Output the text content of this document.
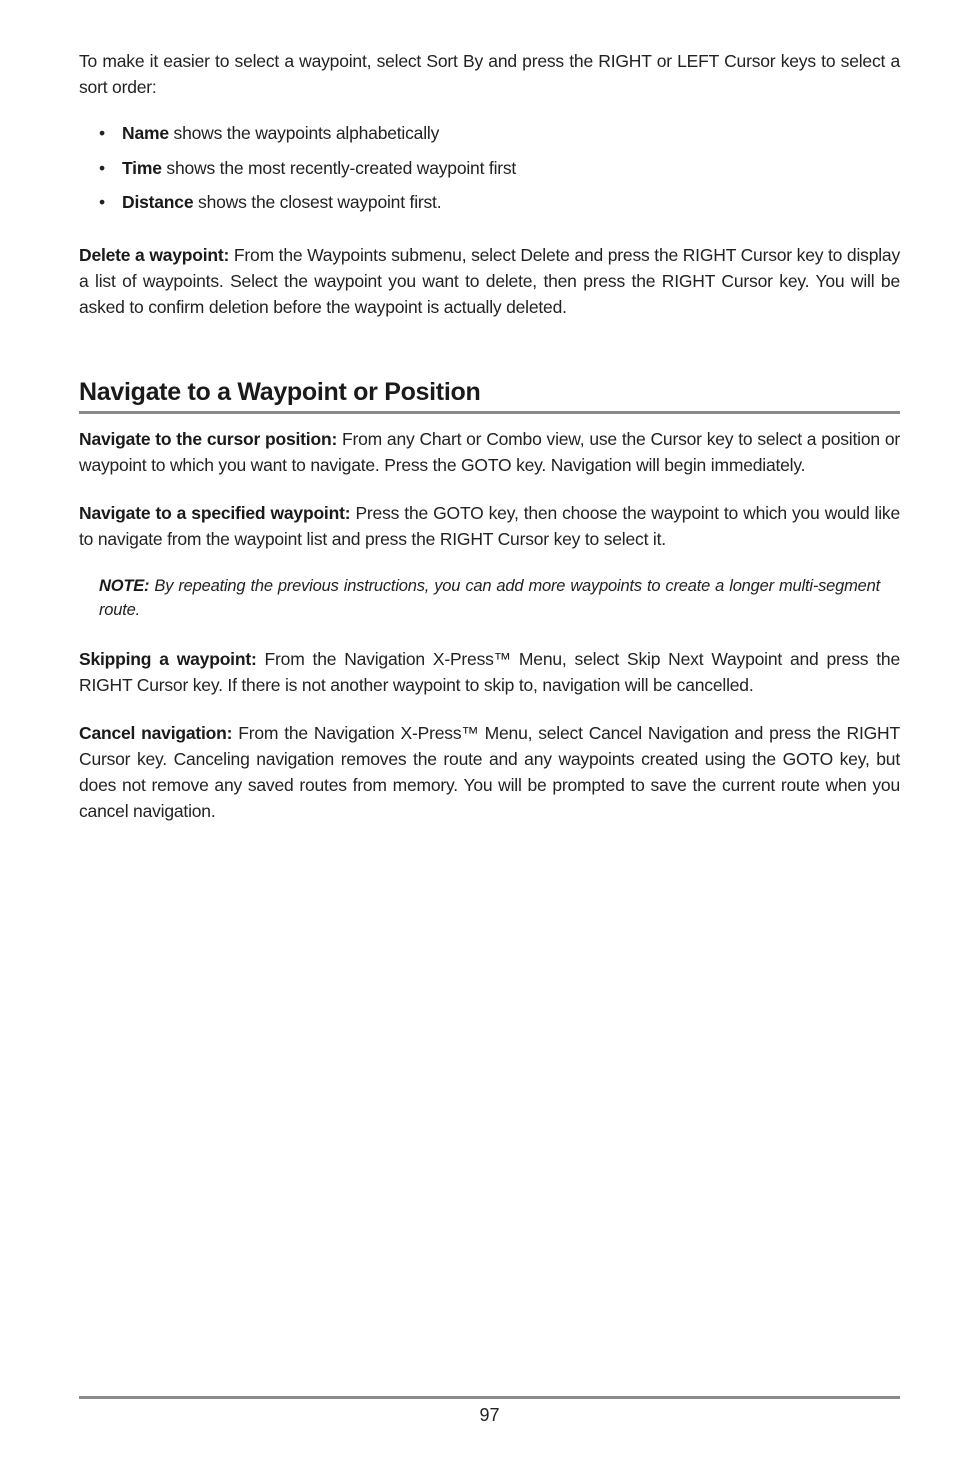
To make it easier to select a waypoint, select Sort By and press the RIGHT or LEFT Cursor keys to select a sort order:

• Name shows the waypoints alphabetically
• Time shows the most recently-created waypoint first
• Distance shows the closest waypoint first.

Delete a waypoint: From the Waypoints submenu, select Delete and press the RIGHT Cursor key to display a list of waypoints. Select the waypoint you want to delete, then press the RIGHT Cursor key. You will be asked to confirm deletion before the waypoint is actually deleted.

Navigate to a Waypoint or Position

Navigate to the cursor position: From any Chart or Combo view, use the Cursor key to select a position or waypoint to which you want to navigate. Press the GOTO key. Navigation will begin immediately.

Navigate to a specified waypoint: Press the GOTO key, then choose the waypoint to which you would like to navigate from the waypoint list and press the RIGHT Cursor key to select it.

NOTE: By repeating the previous instructions, you can add more waypoints to create a longer multi-segment route.

Skipping a waypoint: From the Navigation X-Press™ Menu, select Skip Next Waypoint and press the RIGHT Cursor key. If there is not another waypoint to skip to, navigation will be cancelled.

Cancel navigation: From the Navigation X-Press™ Menu, select Cancel Navigation and press the RIGHT Cursor key. Canceling navigation removes the route and any waypoints created using the GOTO key, but does not remove any saved routes from memory. You will be prompted to save the current route when you cancel navigation.

97
